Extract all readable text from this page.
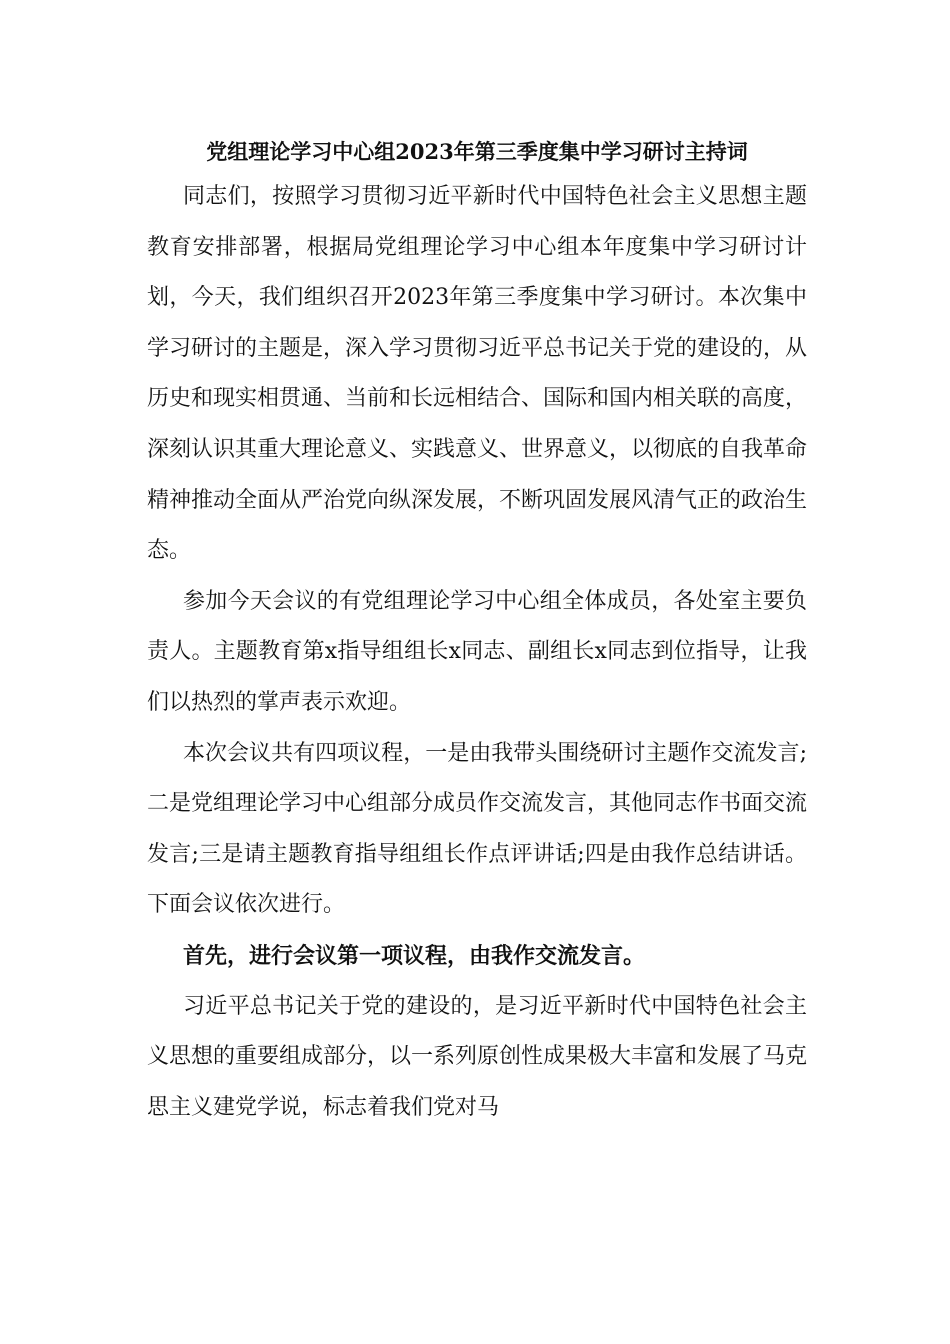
党组理论学习中心组2023年第三季度集中学习研讨主持词

同志们，按照学习贯彻习近平新时代中国特色社会主义思想主题教育安排部署，根据局党组理论学习中心组本年度集中学习研讨计划，今天，我们组织召开2023年第三季度集中学习研讨。本次集中学习研讨的主题是，深入学习贯彻习近平总书记关于党的建设的，从历史和现实相贯通、当前和长远相结合、国际和国内相关联的高度，深刻认识其重大理论意义、实践意义、世界意义，以彻底的自我革命精神推动全面从严治党向纵深发展，不断巩固发展风清气正的政治生态。

参加今天会议的有党组理论学习中心组全体成员，各处室主要负责人。主题教育第x指导组组长x同志、副组长x同志到位指导，让我们以热烈的掌声表示欢迎。

本次会议共有四项议程，一是由我带头围绕研讨主题作交流发言;二是党组理论学习中心组部分成员作交流发言，其他同志作书面交流发言;三是请主题教育指导组组长作点评讲话;四是由我作总结讲话。下面会议依次进行。

首先，进行会议第一项议程，由我作交流发言。

习近平总书记关于党的建设的，是习近平新时代中国特色社会主义思想的重要组成部分，以一系列原创性成果极大丰富和发展了马克思主义建党学说，标志着我们党对马
